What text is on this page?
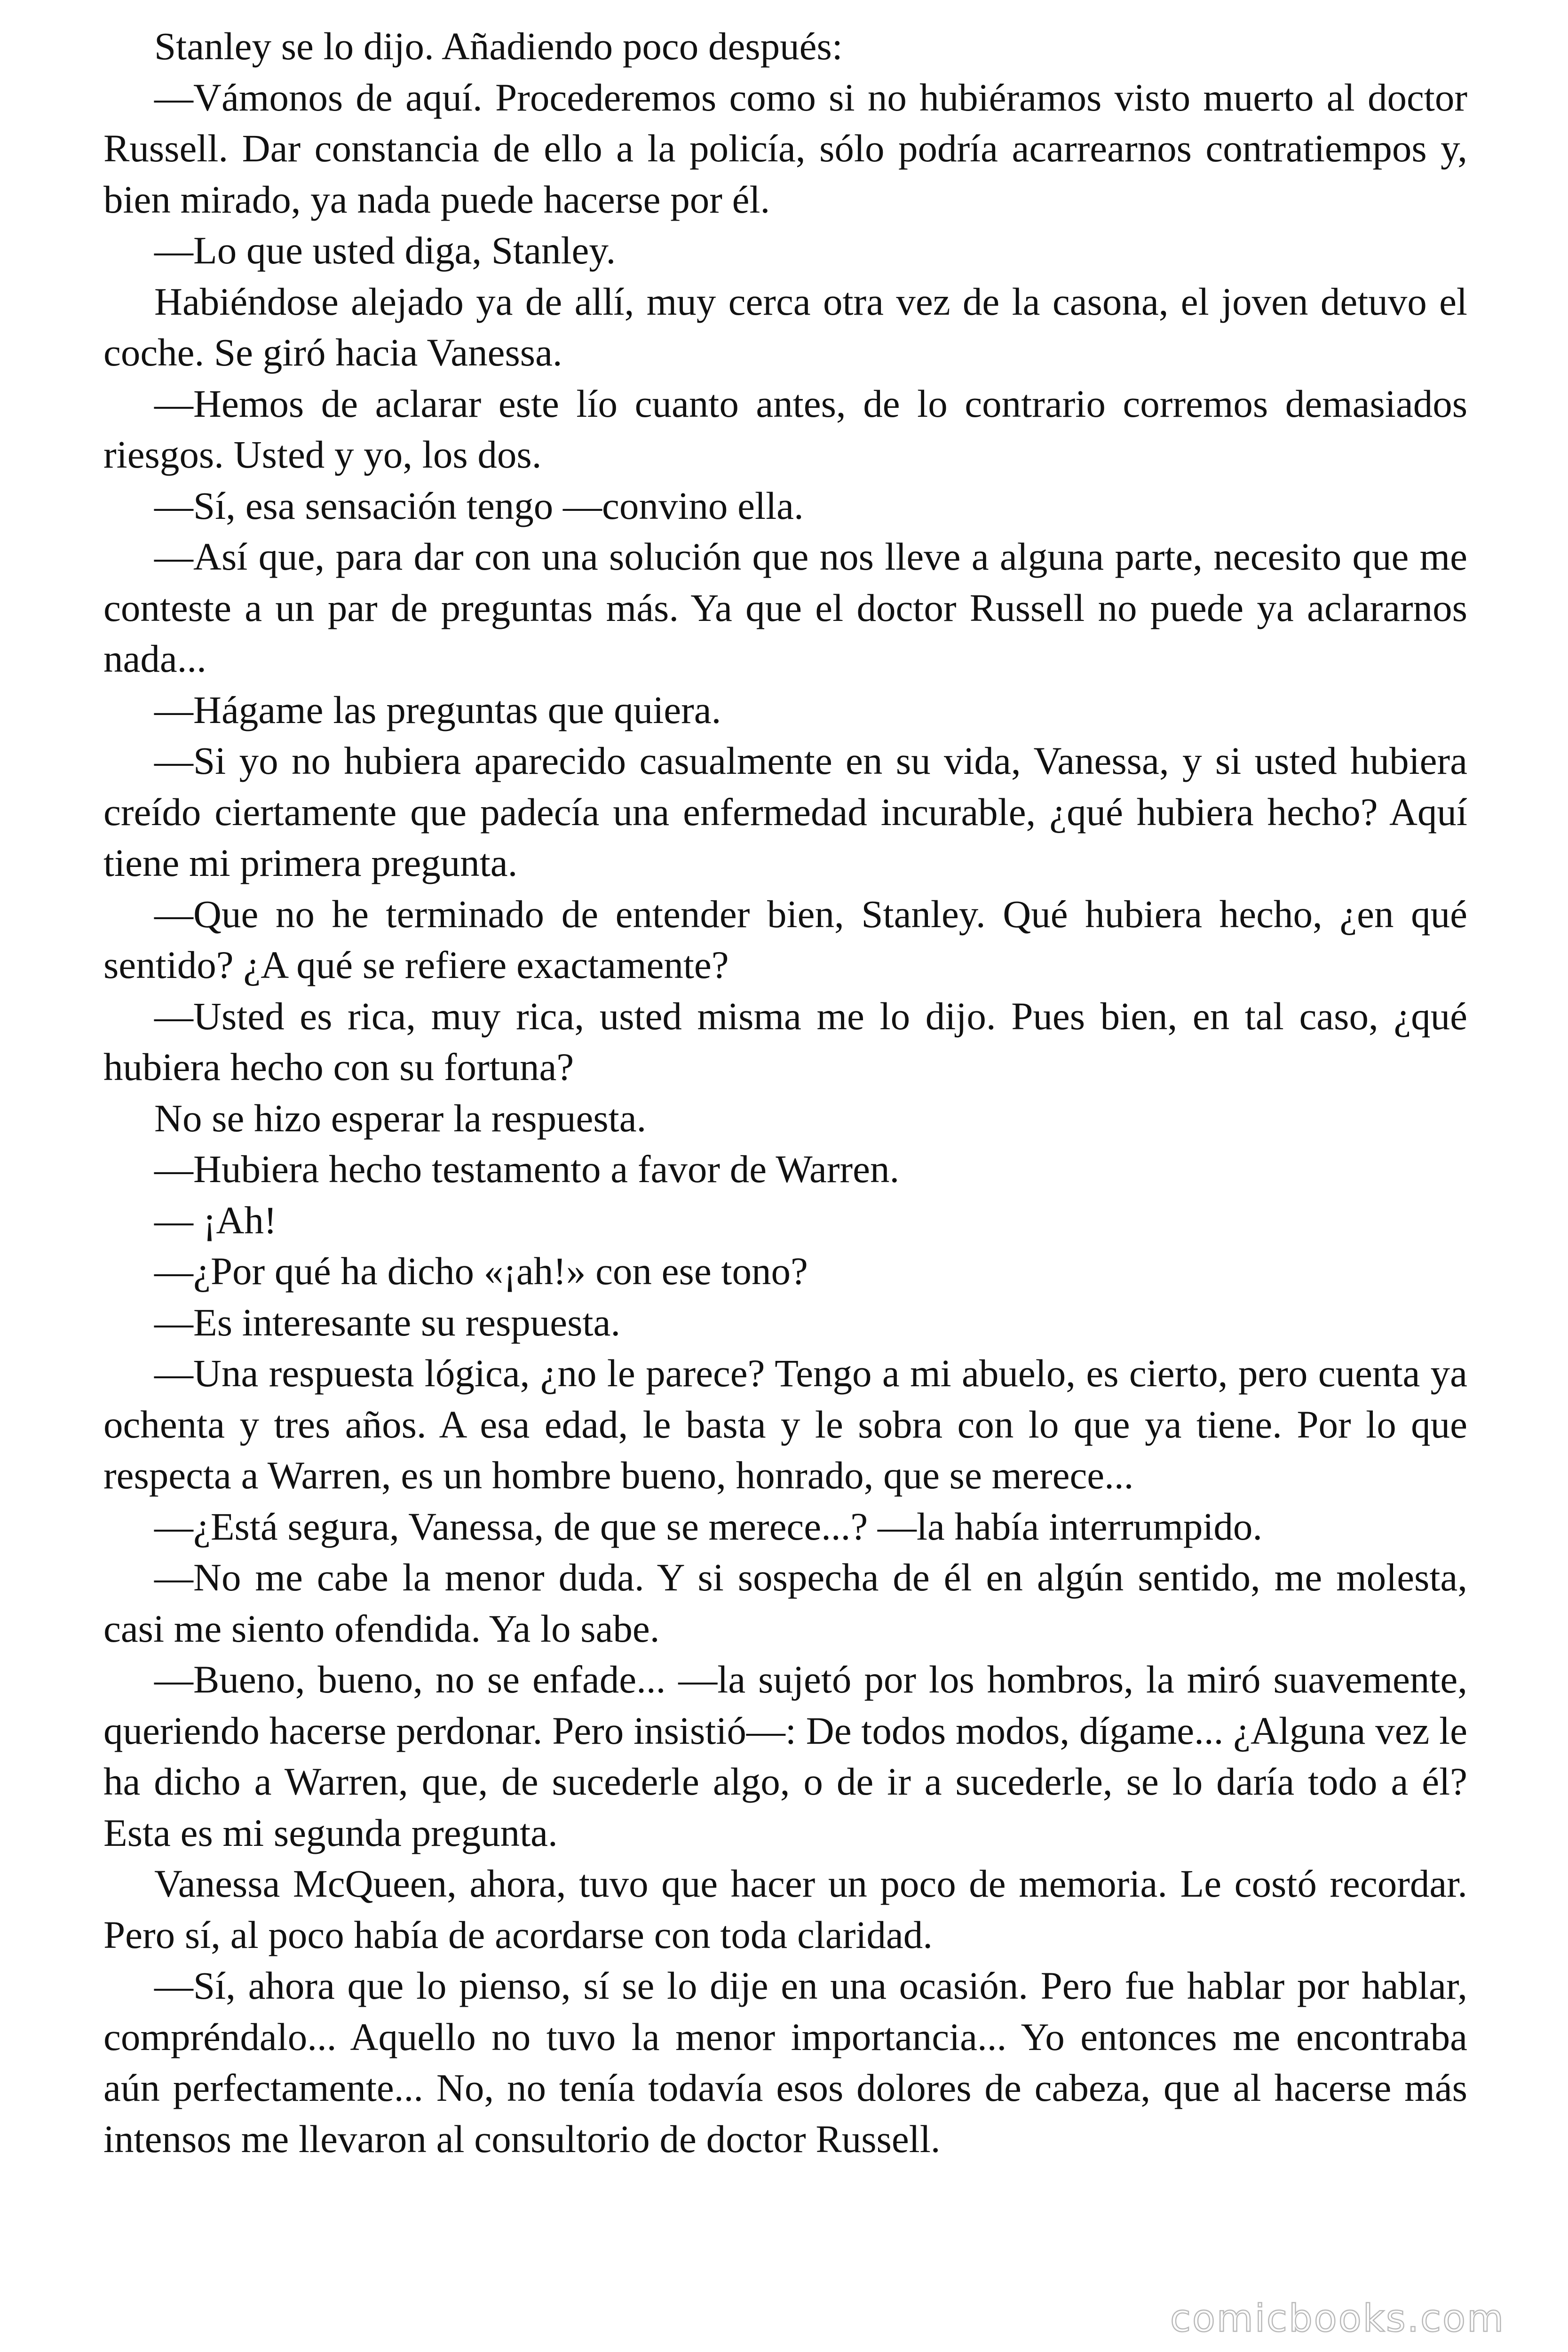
Stanley se lo dijo. Añadiendo poco después:

—Vámonos de aquí. Procederemos como si no hubiéramos visto muerto al doctor Russell. Dar constancia de ello a la policía, sólo podría acarrearnos contratiempos y, bien mirado, ya nada puede hacerse por él.

—Lo que usted diga, Stanley.

Habiéndose alejado ya de allí, muy cerca otra vez de la casona, el joven detuvo el coche. Se giró hacia Vanessa.

—Hemos de aclarar este lío cuanto antes, de lo contrario corremos demasiados riesgos. Usted y yo, los dos.

—Sí, esa sensación tengo —convino ella.

—Así que, para dar con una solución que nos lleve a alguna parte, necesito que me conteste a un par de preguntas más. Ya que el doctor Russell no puede ya aclararnos nada...

—Hágame las preguntas que quiera.

—Si yo no hubiera aparecido casualmente en su vida, Vanessa, y si usted hubiera creído ciertamente que padecía una enfermedad incurable, ¿qué hubiera hecho? Aquí tiene mi primera pregunta.

—Que no he terminado de entender bien, Stanley. Qué hubiera hecho, ¿en qué sentido? ¿A qué se refiere exactamente?

—Usted es rica, muy rica, usted misma me lo dijo. Pues bien, en tal caso, ¿qué hubiera hecho con su fortuna?

No se hizo esperar la respuesta.

—Hubiera hecho testamento a favor de Warren.

— ¡Ah!

—¿Por qué ha dicho «¡ah!» con ese tono?

—Es interesante su respuesta.

—Una respuesta lógica, ¿no le parece? Tengo a mi abuelo, es cierto, pero cuenta ya ochenta y tres años. A esa edad, le basta y le sobra con lo que ya tiene. Por lo que respecta a Warren, es un hombre bueno, honrado, que se merece...

—¿Está segura, Vanessa, de que se merece...? —la había interrumpido.

—No me cabe la menor duda. Y si sospecha de él en algún sentido, me molesta, casi me siento ofendida. Ya lo sabe.

—Bueno, bueno, no se enfade... —la sujetó por los hombros, la miró suavemente, queriendo hacerse perdonar. Pero insistió—: De todos modos, dígame... ¿Alguna vez le ha dicho a Warren, que, de sucederle algo, o de ir a sucederle, se lo daría todo a él? Esta es mi segunda pregunta.

Vanessa McQueen, ahora, tuvo que hacer un poco de memoria. Le costó recordar. Pero sí, al poco había de acordarse con toda claridad.

—Sí, ahora que lo pienso, sí se lo dije en una ocasión. Pero fue hablar por hablar, compréndalo... Aquello no tuvo la menor importancia... Yo entonces me encontraba aún perfectamente... No, no tenía todavía esos dolores de cabeza, que al hacerse más intensos me llevaron al consultorio de doctor Russell.

comicbooks.com
